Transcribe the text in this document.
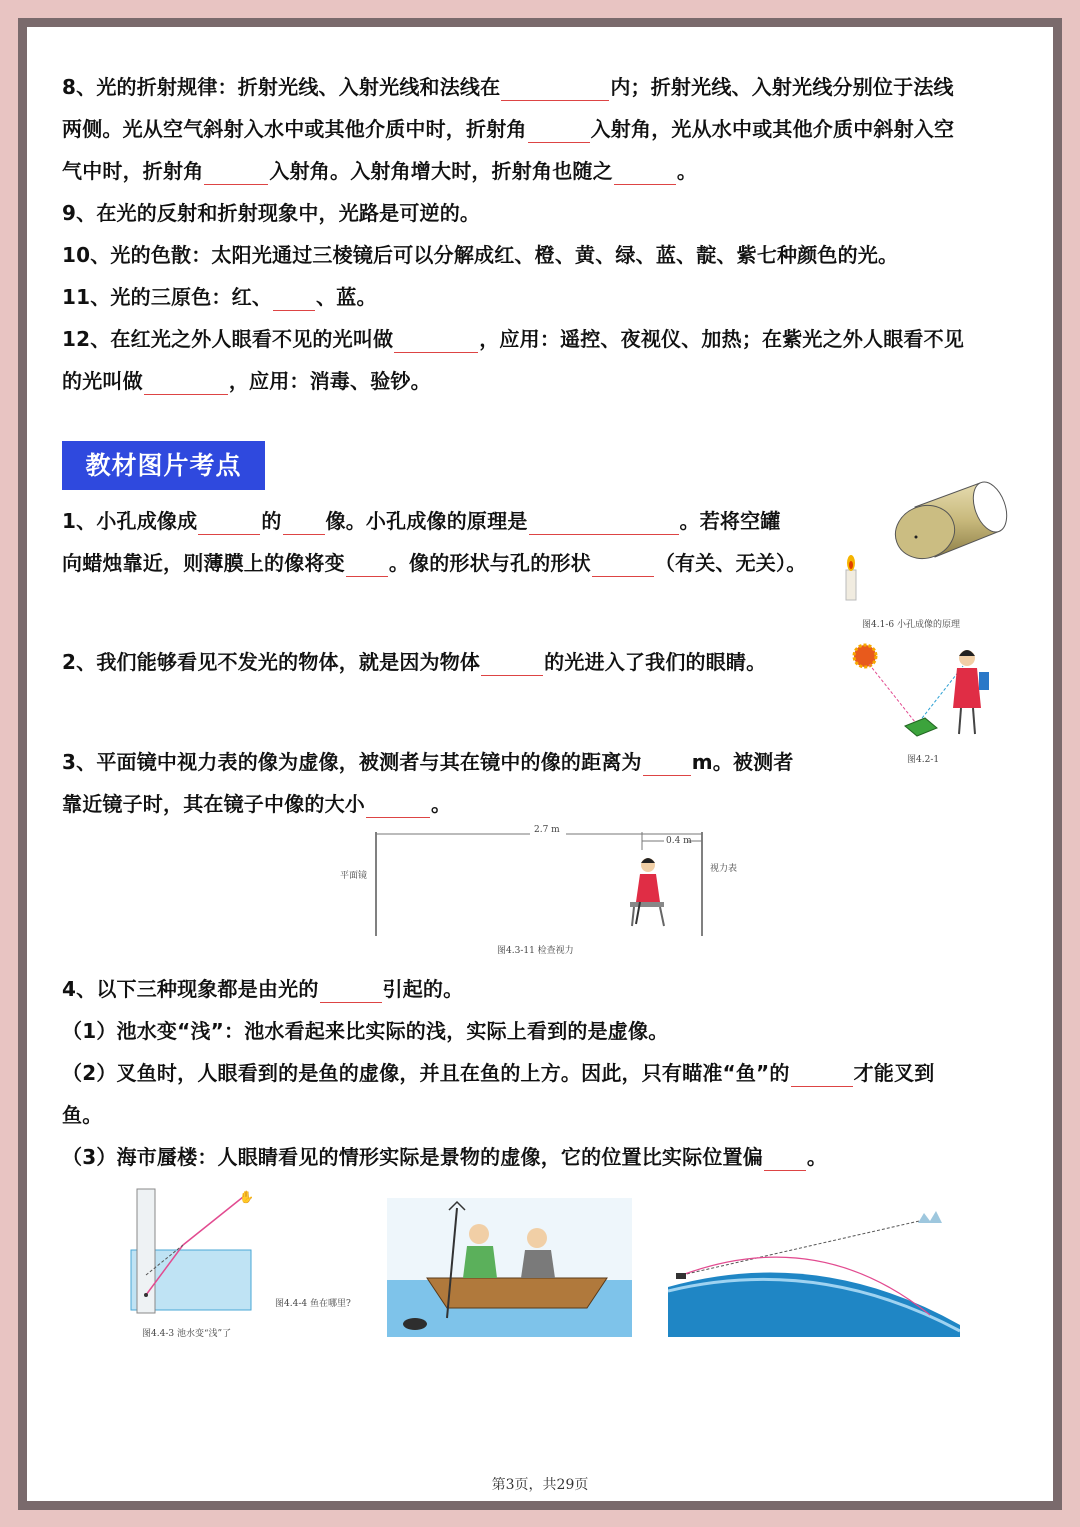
8、光的折射规律：折射光线、入射光线和法线在	内；折射光线、入射光线分别位于法线
两侧。光从空气斜射入水中或其他介质中时，折射角	入射角，光从水中或其他介质中斜射入空
气中时，折射角	入射角。入射角增大时，折射角也随之	。
9、在光的反射和折射现象中，光路是可逆的。
10、光的色散：太阳光通过三棱镜后可以分解成红、橙、黄、绿、蓝、靛、紫七种颜色的光。
11、光的三原色：红、 、蓝。
12、在红光之外人眼看不见的光叫做	，应用：遥控、夜视仪、加热；在紫光之外人眼看不见
的光叫做	，应用：消毒、验钞。
教材图片考点
1、小孔成像成	的 像。小孔成像的原理是	。若将空罐
向蜡烛靠近，则薄膜上的像将变 。像的形状与孔的形状	（有关、无关）。
图4.1-6 小孔成像的原理
2、我们能够看见不发光的物体，就是因为物体	的光进入了我们的眼睛。
图4.2-1
3、平面镜中视力表的像为虚像，被测者与其在镜中的像的距离为	m。被测者
靠近镜子时，其在镜子中像的大小	。
2.7 m
0.4 m
平面镜
视力表
图4.3-11 检查视力
4、以下三种现象都是由光的	引起的。
（1）池水变“浅”：池水看起来比实际的浅，实际上看到的是虚像。
（2）叉鱼时，人眼看到的是鱼的虚像，并且在鱼的上方。因此，只有瞄准“鱼”的	才能叉到
鱼。
（3）海市蜃楼：人眼睛看见的情形实际是景物的虚像，它的位置比实际位置偏 。
✋
图4.4-3 池水变“浅”了
图4.4-4 鱼在哪里?
第3页，共29页
